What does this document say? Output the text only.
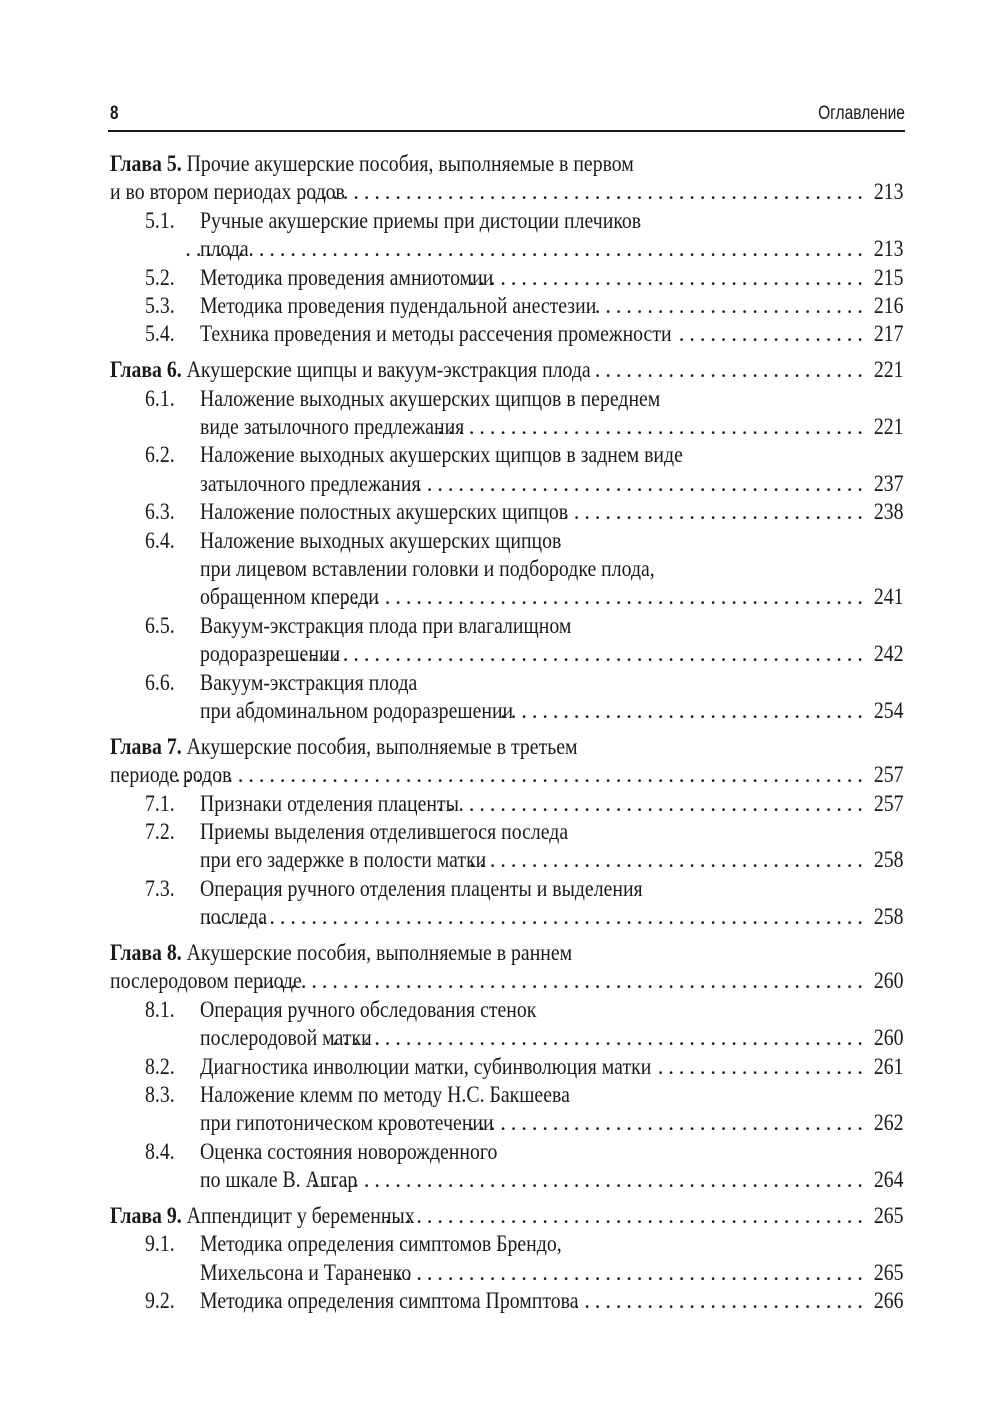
8	Оглавление
Глава 5. Прочие акушерские пособия, выполняемые в первом
и во втором периодах родов . . .	213
5.1. Ручные акушерские приемы при дистоции плечиков
плода . . .	213
5.2. Методика проведения амниотомии . . .	215
5.3. Методика проведения пудендальной анестезии . . .	216
5.4. Техника проведения и методы рассечения промежности . . .	217
Глава 6. Акушерские щипцы и вакуум-экстракция плода . . .	221
6.1. Наложение выходных акушерских щипцов в переднем
виде затылочного предлежания . . .	221
6.2. Наложение выходных акушерских щипцов в заднем виде
затылочного предлежания . . .	237
6.3. Наложение полостных акушерских щипцов . . .	238
6.4. Наложение выходных акушерских щипцов
при лицевом вставлении головки и подбородке плода,
обращенном кпереди . . .	241
6.5. Вакуум-экстракция плода при влагалищном
родоразрешении . . .	242
6.6. Вакуум-экстракция плода
при абдоминальном родоразрешении . . .	254
Глава 7. Акушерские пособия, выполняемые в третьем
периоде родов . . .	257
7.1. Признаки отделения плаценты . . .	257
7.2. Приемы выделения отделившегося последа
при его задержке в полости матки . . .	258
7.3. Операция ручного отделения плаценты и выделения
последа . . .	258
Глава 8. Акушерские пособия, выполняемые в раннем
послеродовом периоде . . .	260
8.1. Операция ручного обследования стенок
послеродовой матки . . .	260
8.2. Диагностика инволюции матки, субинволюция матки . . .	261
8.3. Наложение клемм по методу Н.С. Бакшеева
при гипотоническом кровотечении . . .	262
8.4. Оценка состояния новорожденного
по шкале В. Апгар . . .	264
Глава 9. Аппендицит у беременных . . .	265
9.1. Методика определения симптомов Брендо,
Михельсона и Тараненко . . .	265
9.2. Методика определения симптома Промптова . . .	266
